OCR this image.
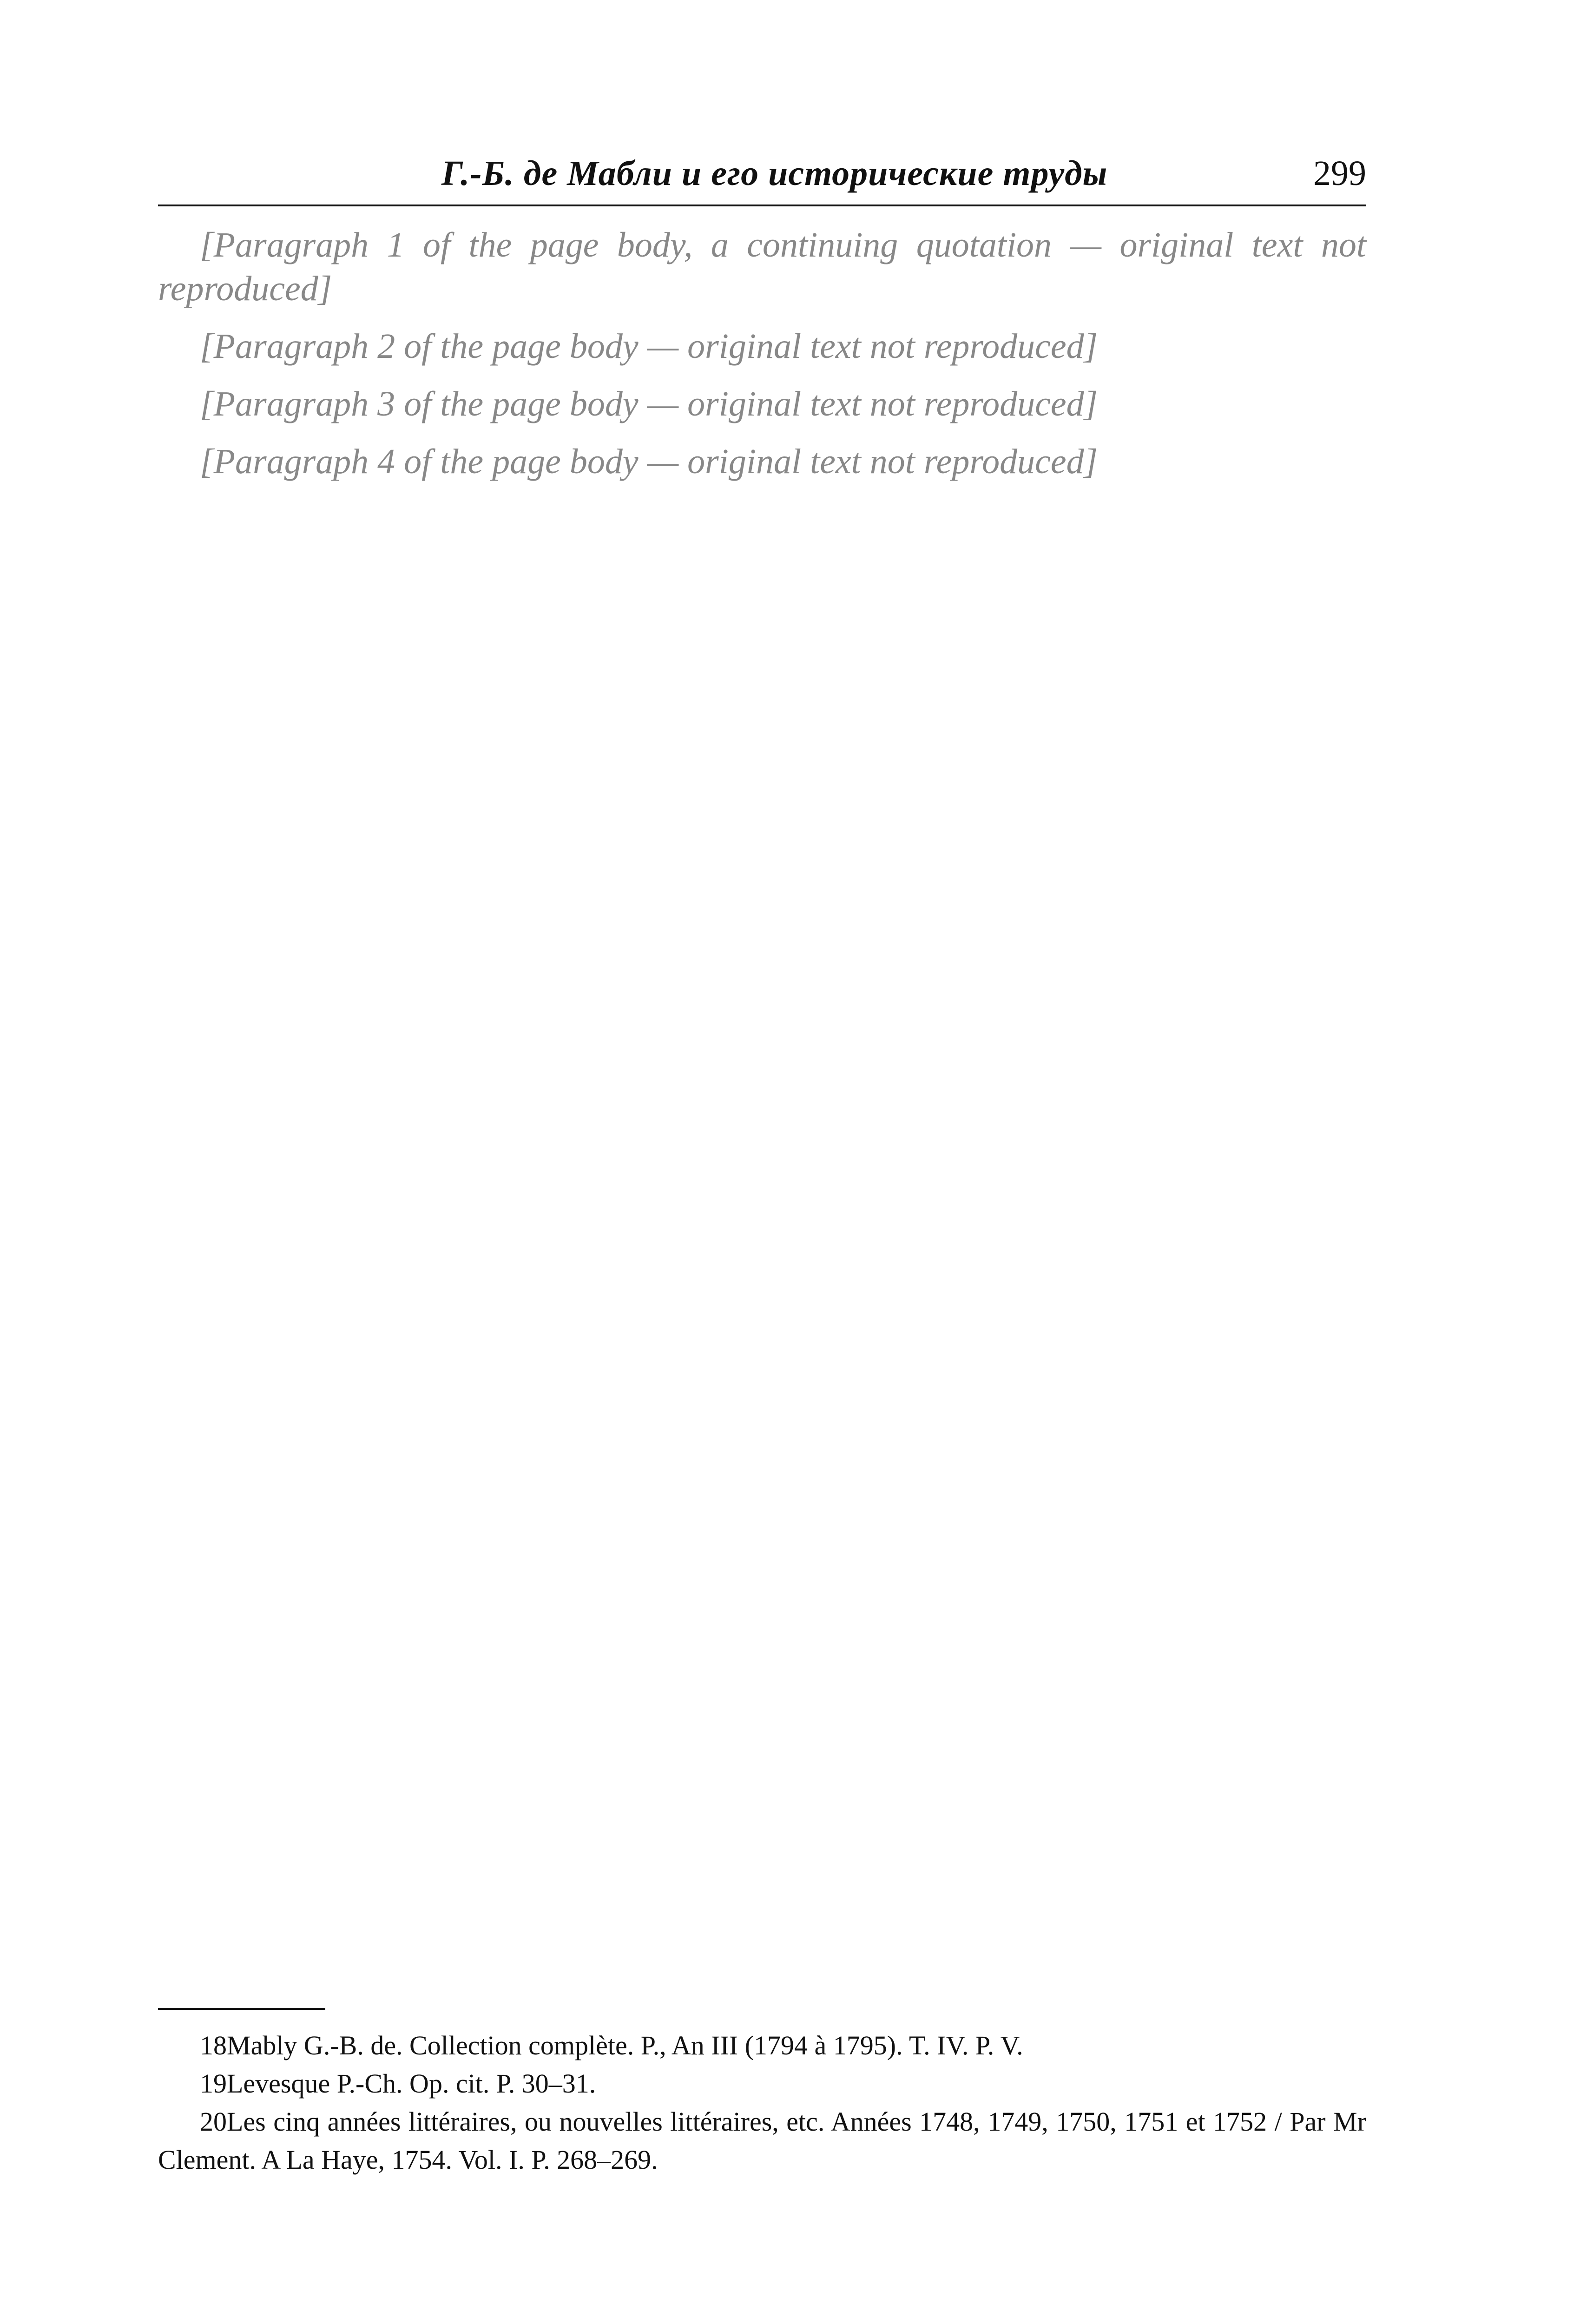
Г.-Б. де Мабли и его исторические труды	299

[Paragraph 1 of the page body, a continuing quotation — original text not reproduced]

[Paragraph 2 of the page body — original text not reproduced]

[Paragraph 3 of the page body — original text not reproduced]

[Paragraph 4 of the page body — original text not reproduced]

18Mably G.-B. de. Collection complète. P., An III (1794 à 1795). T. IV. P. V.

19Levesque P.-Ch. Op. cit. P. 30–31.

20Les cinq années littéraires, ou nouvelles littéraires, etc. Années 1748, 1749, 1750, 1751 et 1752 / Par Mr Clement. A La Haye, 1754. Vol. I. P. 268–269.
